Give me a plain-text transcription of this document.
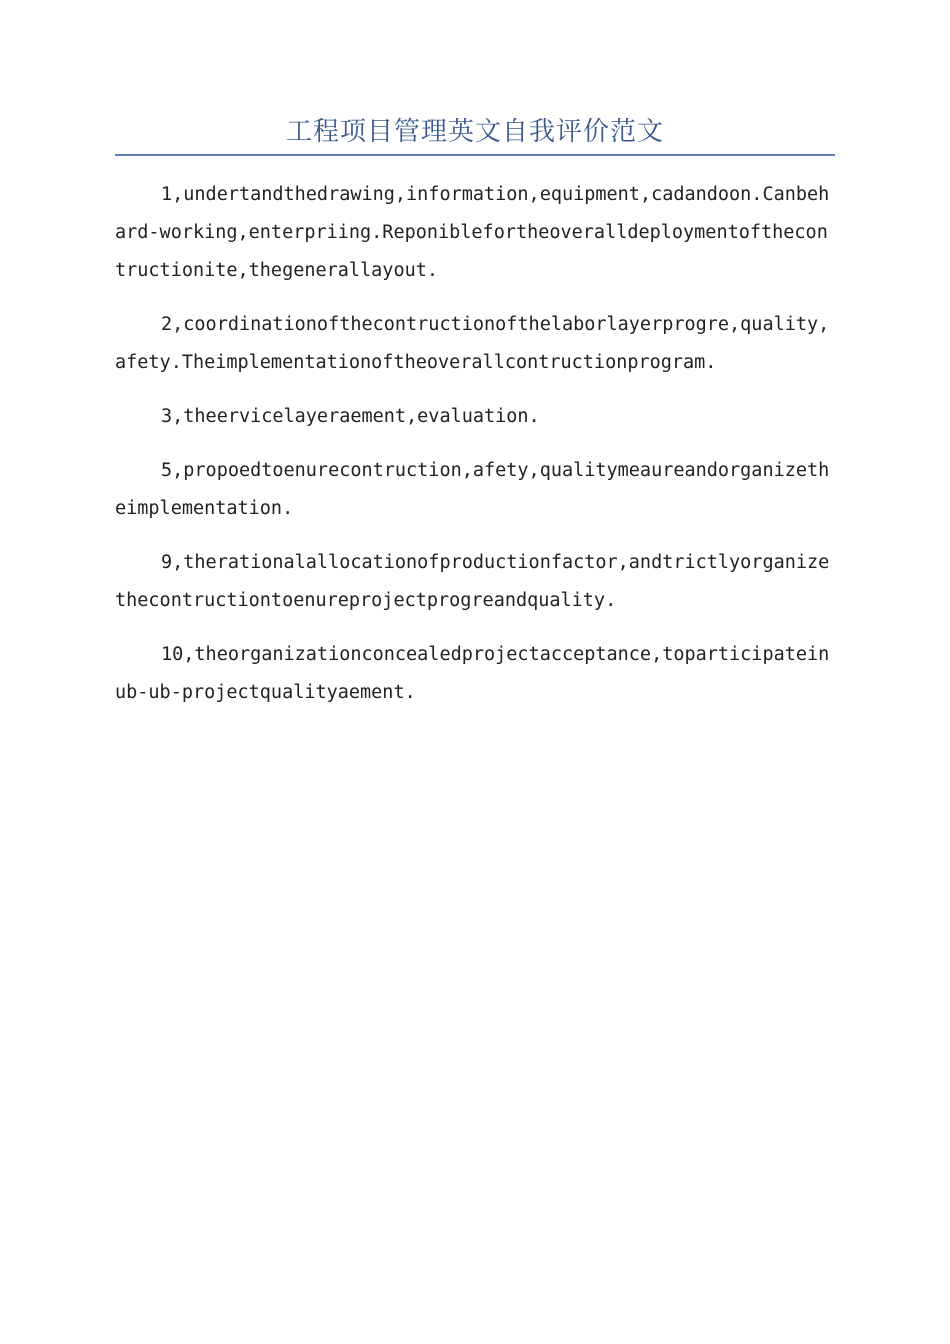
工程项目管理英文自我评价范文

1,undertandthedrawing,information,equipment,cadandoon.Canbehard-working,enterpriing.Reponiblefortheoveralldeploymentofthecontructionite,thegenerallayout.

2,coordinationofthecontructionofthelaborlayerprogre,quality,afety.Theimplementationoftheoverallcontructionprogram.

3,theervicelayeraement,evaluation.

5,propoedtoenurecontruction,afety,qualitymeaureandorganizetheimplementation.

9,therationalallocationofproductionfactor,andtrictlyorganizethecontructiontoenureprojectprogreandquality.

10,theorganizationconcealedprojectacceptance,toparticipateinub-ub-projectqualityaement.
